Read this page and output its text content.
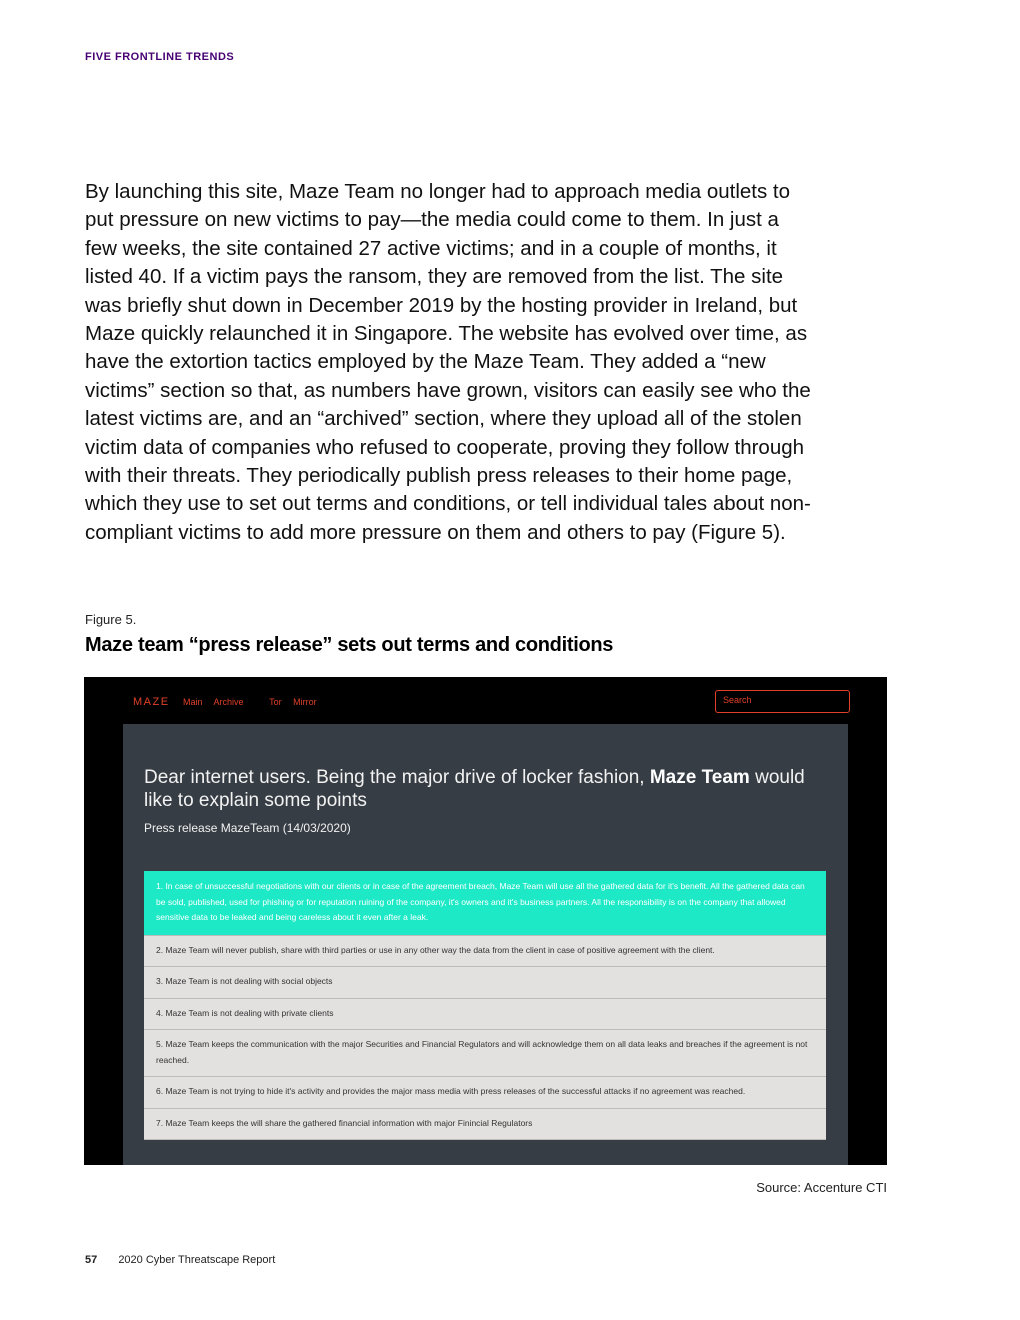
FIVE FRONTLINE TRENDS

By launching this site, Maze Team no longer had to approach media outlets to put pressure on new victims to pay—the media could come to them. In just a few weeks, the site contained 27 active victims; and in a couple of months, it listed 40. If a victim pays the ransom, they are removed from the list. The site was briefly shut down in December 2019 by the hosting provider in Ireland, but Maze quickly relaunched it in Singapore. The website has evolved over time, as have the extortion tactics employed by the Maze Team. They added a “new victims” section so that, as numbers have grown, visitors can easily see who the latest victims are, and an “archived” section, where they upload all of the stolen victim data of companies who refused to cooperate, proving they follow through with their threats. They periodically publish press releases to their home page, which they use to set out terms and conditions, or tell individual tales about non-compliant victims to add more pressure on them and others to pay (Figure 5).

Figure 5.
Maze team “press release” sets out terms and conditions
MAZE Main Archive	Tor Mirror	Search
Dear internet users. Being the major drive of locker fashion, Maze Team would like to explain some points
Press release MazeTeam (14/03/2020)
1. In case of unsuccessful negotiations with our clients or in case of the agreement breach, Maze Team will use all the gathered data for it's benefit. All the gathered data can be sold, published, used for phishing or for reputation ruining of the company, it's owners and it's business partners. All the responsibility is on the company that allowed sensitive data to be leaked and being careless about it even after a leak.
2. Maze Team will never publish, share with third parties or use in any other way the data from the client in case of positive agreement with the client.
3. Maze Team is not dealing with social objects
4. Maze Team is not dealing with private clients
5. Maze Team keeps the communication with the major Securities and Financial Regulators and will acknowledge them on all data leaks and breaches if the agreement is not reached.
6. Maze Team is not trying to hide it's activity and provides the major mass media with press releases of the successful attacks if no agreement was reached.
7. Maze Team keeps the will share the gathered financial information with major Finincial Regulators
Source: Accenture CTI
57 2020 Cyber Threatscape Report
